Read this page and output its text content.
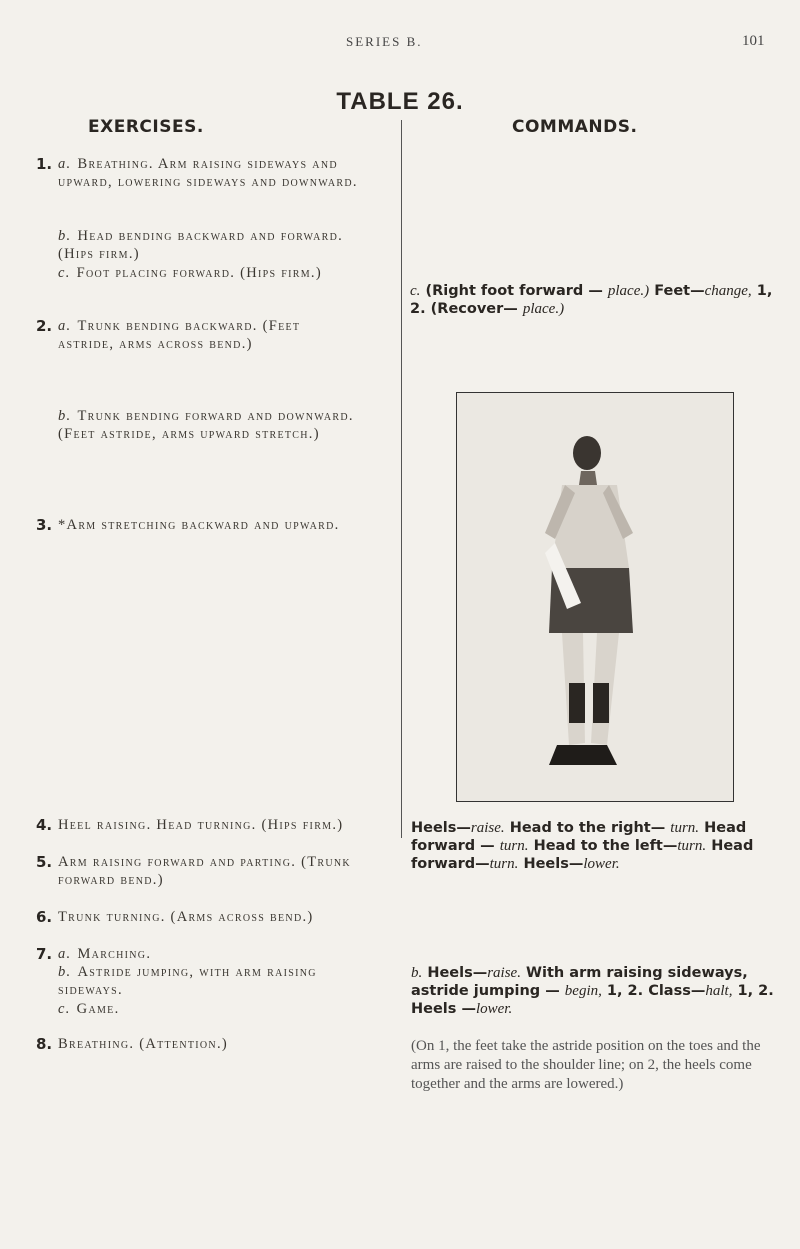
SERIES B.	101
TABLE 26.
EXERCISES.	COMMANDS.
1. a. Breathing. Arm raising sideways and upward, lowering sideways and downward.
b. Head bending backward and forward. (Hips firm.)
c. Foot placing forward. (Hips firm.)
2. a. Trunk bending backward. (Feet astride, arms across bend.)
b. Trunk bending forward and downward. (Feet astride, arms upward stretch.)
3. *Arm stretching backward and upward.
4. Heel raising. Head turning. (Hips firm.)
5. Arm raising forward and parting. (Trunk forward bend.)
6. Trunk turning. (Arms across bend.)
7. a. Marching.
b. Astride jumping, with arm raising sideways.
c. Game.
8. Breathing. (Attention.)
c. (Right foot forward — place.) Feet—change, 1, 2. (Recover— place.)
Heels—raise. Head to the right— turn. Head forward — turn. Head to the left—turn. Head forward—turn. Heels—lower.
b. Heels—raise. With arm raising sideways, astride jumping — begin, 1, 2. Class—halt, 1, 2. Heels —lower.
(On 1, the feet take the astride position on the toes and the arms are raised to the shoulder line; on 2, the heels come together and the arms are lowered.)
